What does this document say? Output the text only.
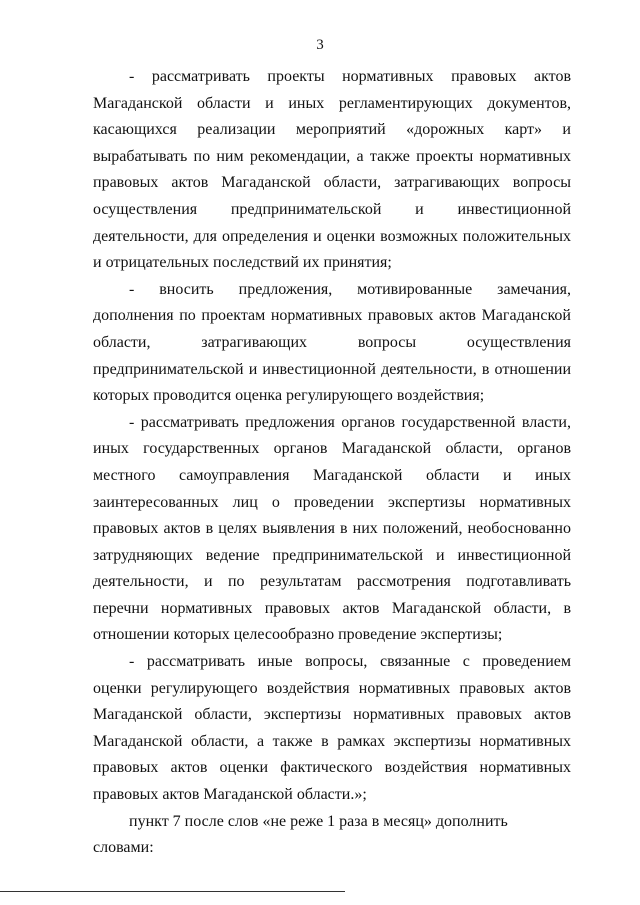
3

- рассматривать проекты нормативных правовых актов Магаданской области и иных регламентирующих документов, касающихся реализации мероприятий «дорожных карт» и вырабатывать по ним рекомендации, а также проекты нормативных правовых актов Магаданской области, затрагивающих вопросы осуществления предпринимательской и инвестиционной деятельности, для определения и оценки возможных положительных и отрицательных последствий их принятия;

- вносить предложения, мотивированные замечания, дополнения по проектам нормативных правовых актов Магаданской области, затрагивающих вопросы осуществления предпринимательской и инвестиционной деятельности, в отношении которых проводится оценка регулирующего воздействия;

- рассматривать предложения органов государственной власти, иных государственных органов Магаданской области, органов местного самоуправления Магаданской области и иных заинтересованных лиц о проведении экспертизы нормативных правовых актов в целях выявления в них положений, необоснованно затрудняющих ведение предпринимательской и инвестиционной деятельности, и по результатам рассмотрения подготавливать перечни нормативных правовых актов Магаданской области, в отношении которых целесообразно проведение экспертизы;

- рассматривать иные вопросы, связанные с проведением оценки регулирующего воздействия нормативных правовых актов Магаданской области, экспертизы нормативных правовых актов Магаданской области, а также в рамках экспертизы нормативных правовых актов оценки фактического воздействия нормативных правовых актов Магаданской области.»;

пункт 7 после слов «не реже 1 раза в месяц» дополнить словами:
